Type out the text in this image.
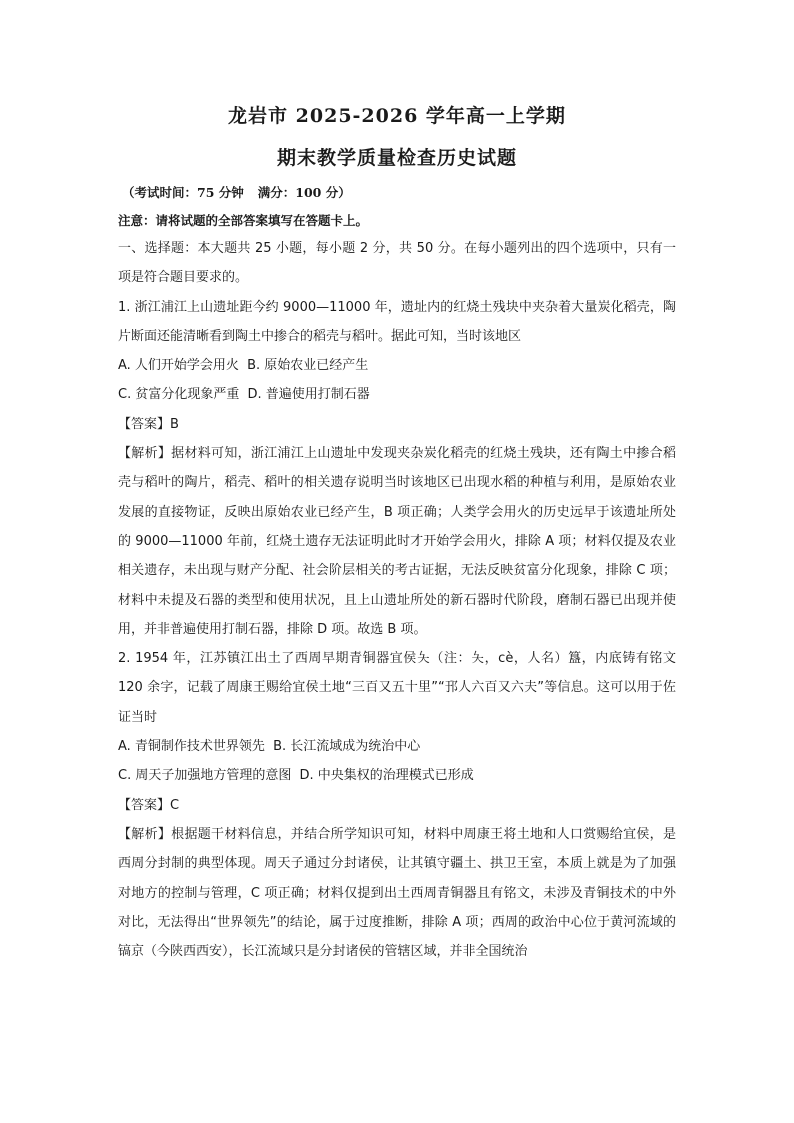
龙岩市 2025-2026 学年高一上学期
期末教学质量检查历史试题
（考试时间：75 分钟 满分：100 分）
注意：请将试题的全部答案填写在答题卡上。

一、选择题：本大题共 25 小题，每小题 2 分，共 50 分。在每小题列出的四个选项中，只有一项是符合题目要求的。

1. 浙江浦江上山遗址距今约 9000—11000 年，遗址内的红烧土残块中夹杂着大量炭化稻壳，陶片断面还能清晰看到陶土中掺合的稻壳与稻叶。据此可知，当时该地区

A. 人们开始学会用火 B. 原始农业已经产生

C. 贫富分化现象严重 D. 普遍使用打制石器

【答案】B

【解析】据材料可知，浙江浦江上山遗址中发现夹杂炭化稻壳的红烧土残块，还有陶土中掺合稻壳与稻叶的陶片，稻壳、稻叶的相关遗存说明当时该地区已出现水稻的种植与利用，是原始农业发展的直接物证，反映出原始农业已经产生，B 项正确；人类学会用火的历史远早于该遗址所处的 9000—11000 年前，红烧土遗存无法证明此时才开始学会用火，排除 A 项；材料仅提及农业相关遗存，未出现与财产分配、社会阶层相关的考古证据，无法反映贫富分化现象，排除 C 项；材料中未提及石器的类型和使用状况，且上山遗址所处的新石器时代阶段，磨制石器已出现并使用，并非普遍使用打制石器，排除 D 项。故选 B 项。

2. 1954 年，江苏镇江出土了西周早期青铜器宜侯夨（注：夨，cè，人名）簋，内底铸有铭文 120 余字，记载了周康王赐给宜侯土地“三百又五十里”“邘人六百又六夫”等信息。这可以用于佐证当时

A. 青铜制作技术世界领先 B. 长江流域成为统治中心

C. 周天子加强地方管理的意图 D. 中央集权的治理模式已形成

【答案】C

【解析】根据题干材料信息，并结合所学知识可知，材料中周康王将土地和人口赏赐给宜侯，是西周分封制的典型体现。周天子通过分封诸侯，让其镇守疆土、拱卫王室，本质上就是为了加强对地方的控制与管理，C 项正确；材料仅提到出土西周青铜器且有铭文，未涉及青铜技术的中外对比，无法得出“世界领先”的结论，属于过度推断，排除 A 项；西周的政治中心位于黄河流域的镐京（今陕西西安），长江流域只是分封诸侯的管辖区域，并非全国统治
